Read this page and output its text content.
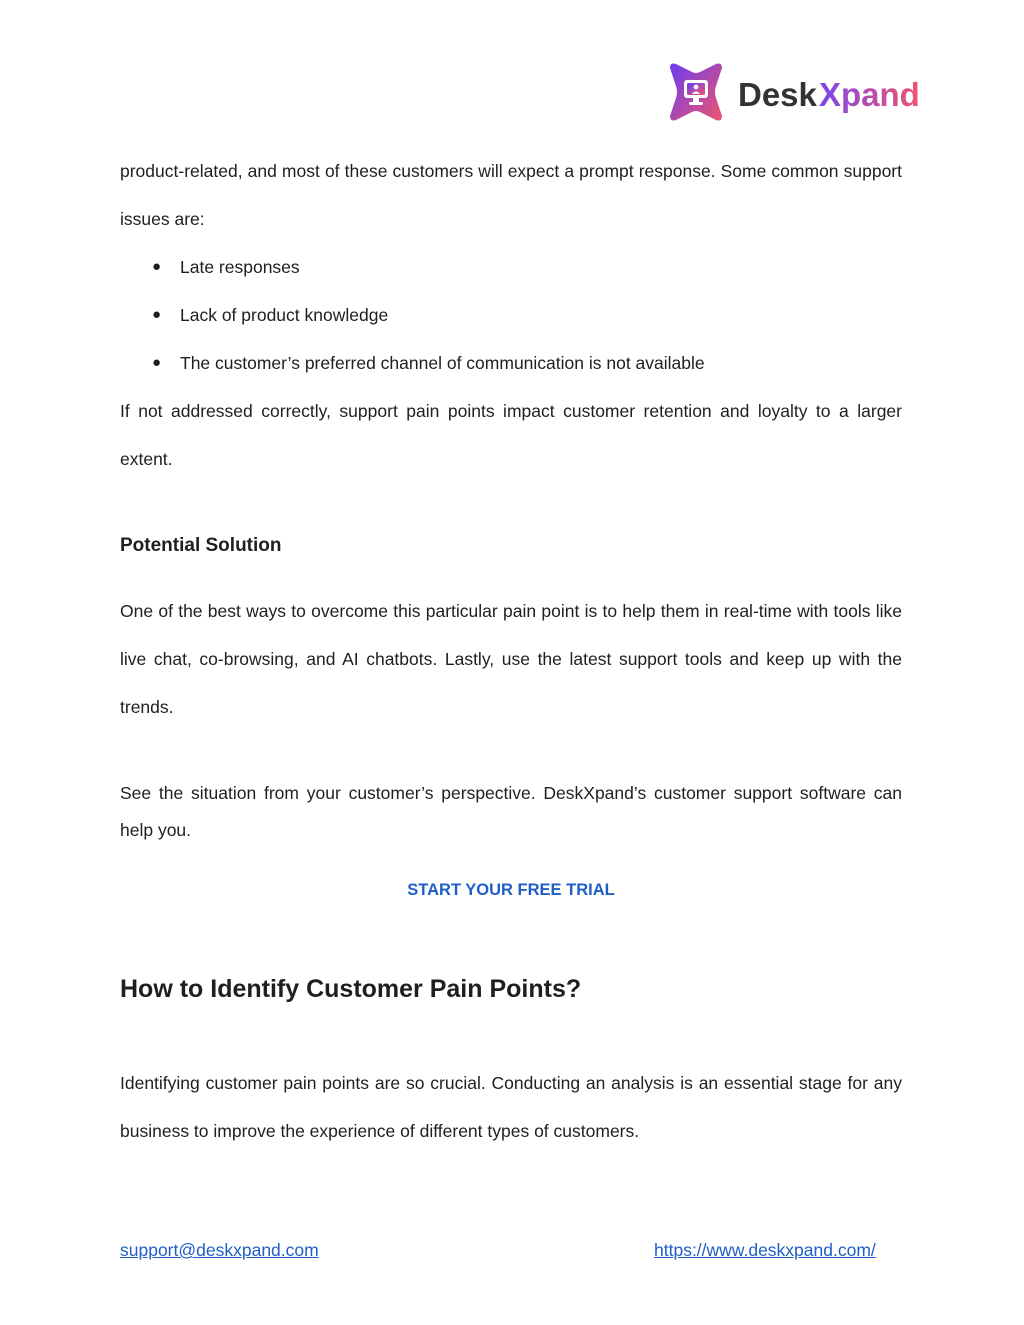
Desk Xpand

product-related, and most of these customers will expect a prompt response. Some common support issues are:

● Late responses
● Lack of product knowledge
● The customer’s preferred channel of communication is not available

If not addressed correctly, support pain points impact customer retention and loyalty to a larger extent.

Potential Solution

One of the best ways to overcome this particular pain point is to help them in real-time with tools like live chat, co-browsing, and AI chatbots. Lastly, use the latest support tools and keep up with the trends.

See the situation from your customer’s perspective. DeskXpand’s customer support software can help you.

START YOUR FREE TRIAL
How to Identify Customer Pain Points?

Identifying customer pain points are so crucial. Conducting an analysis is an essential stage for any business to improve the experience of different types of customers.

support@deskxpand.com	https://www.deskxpand.com/
